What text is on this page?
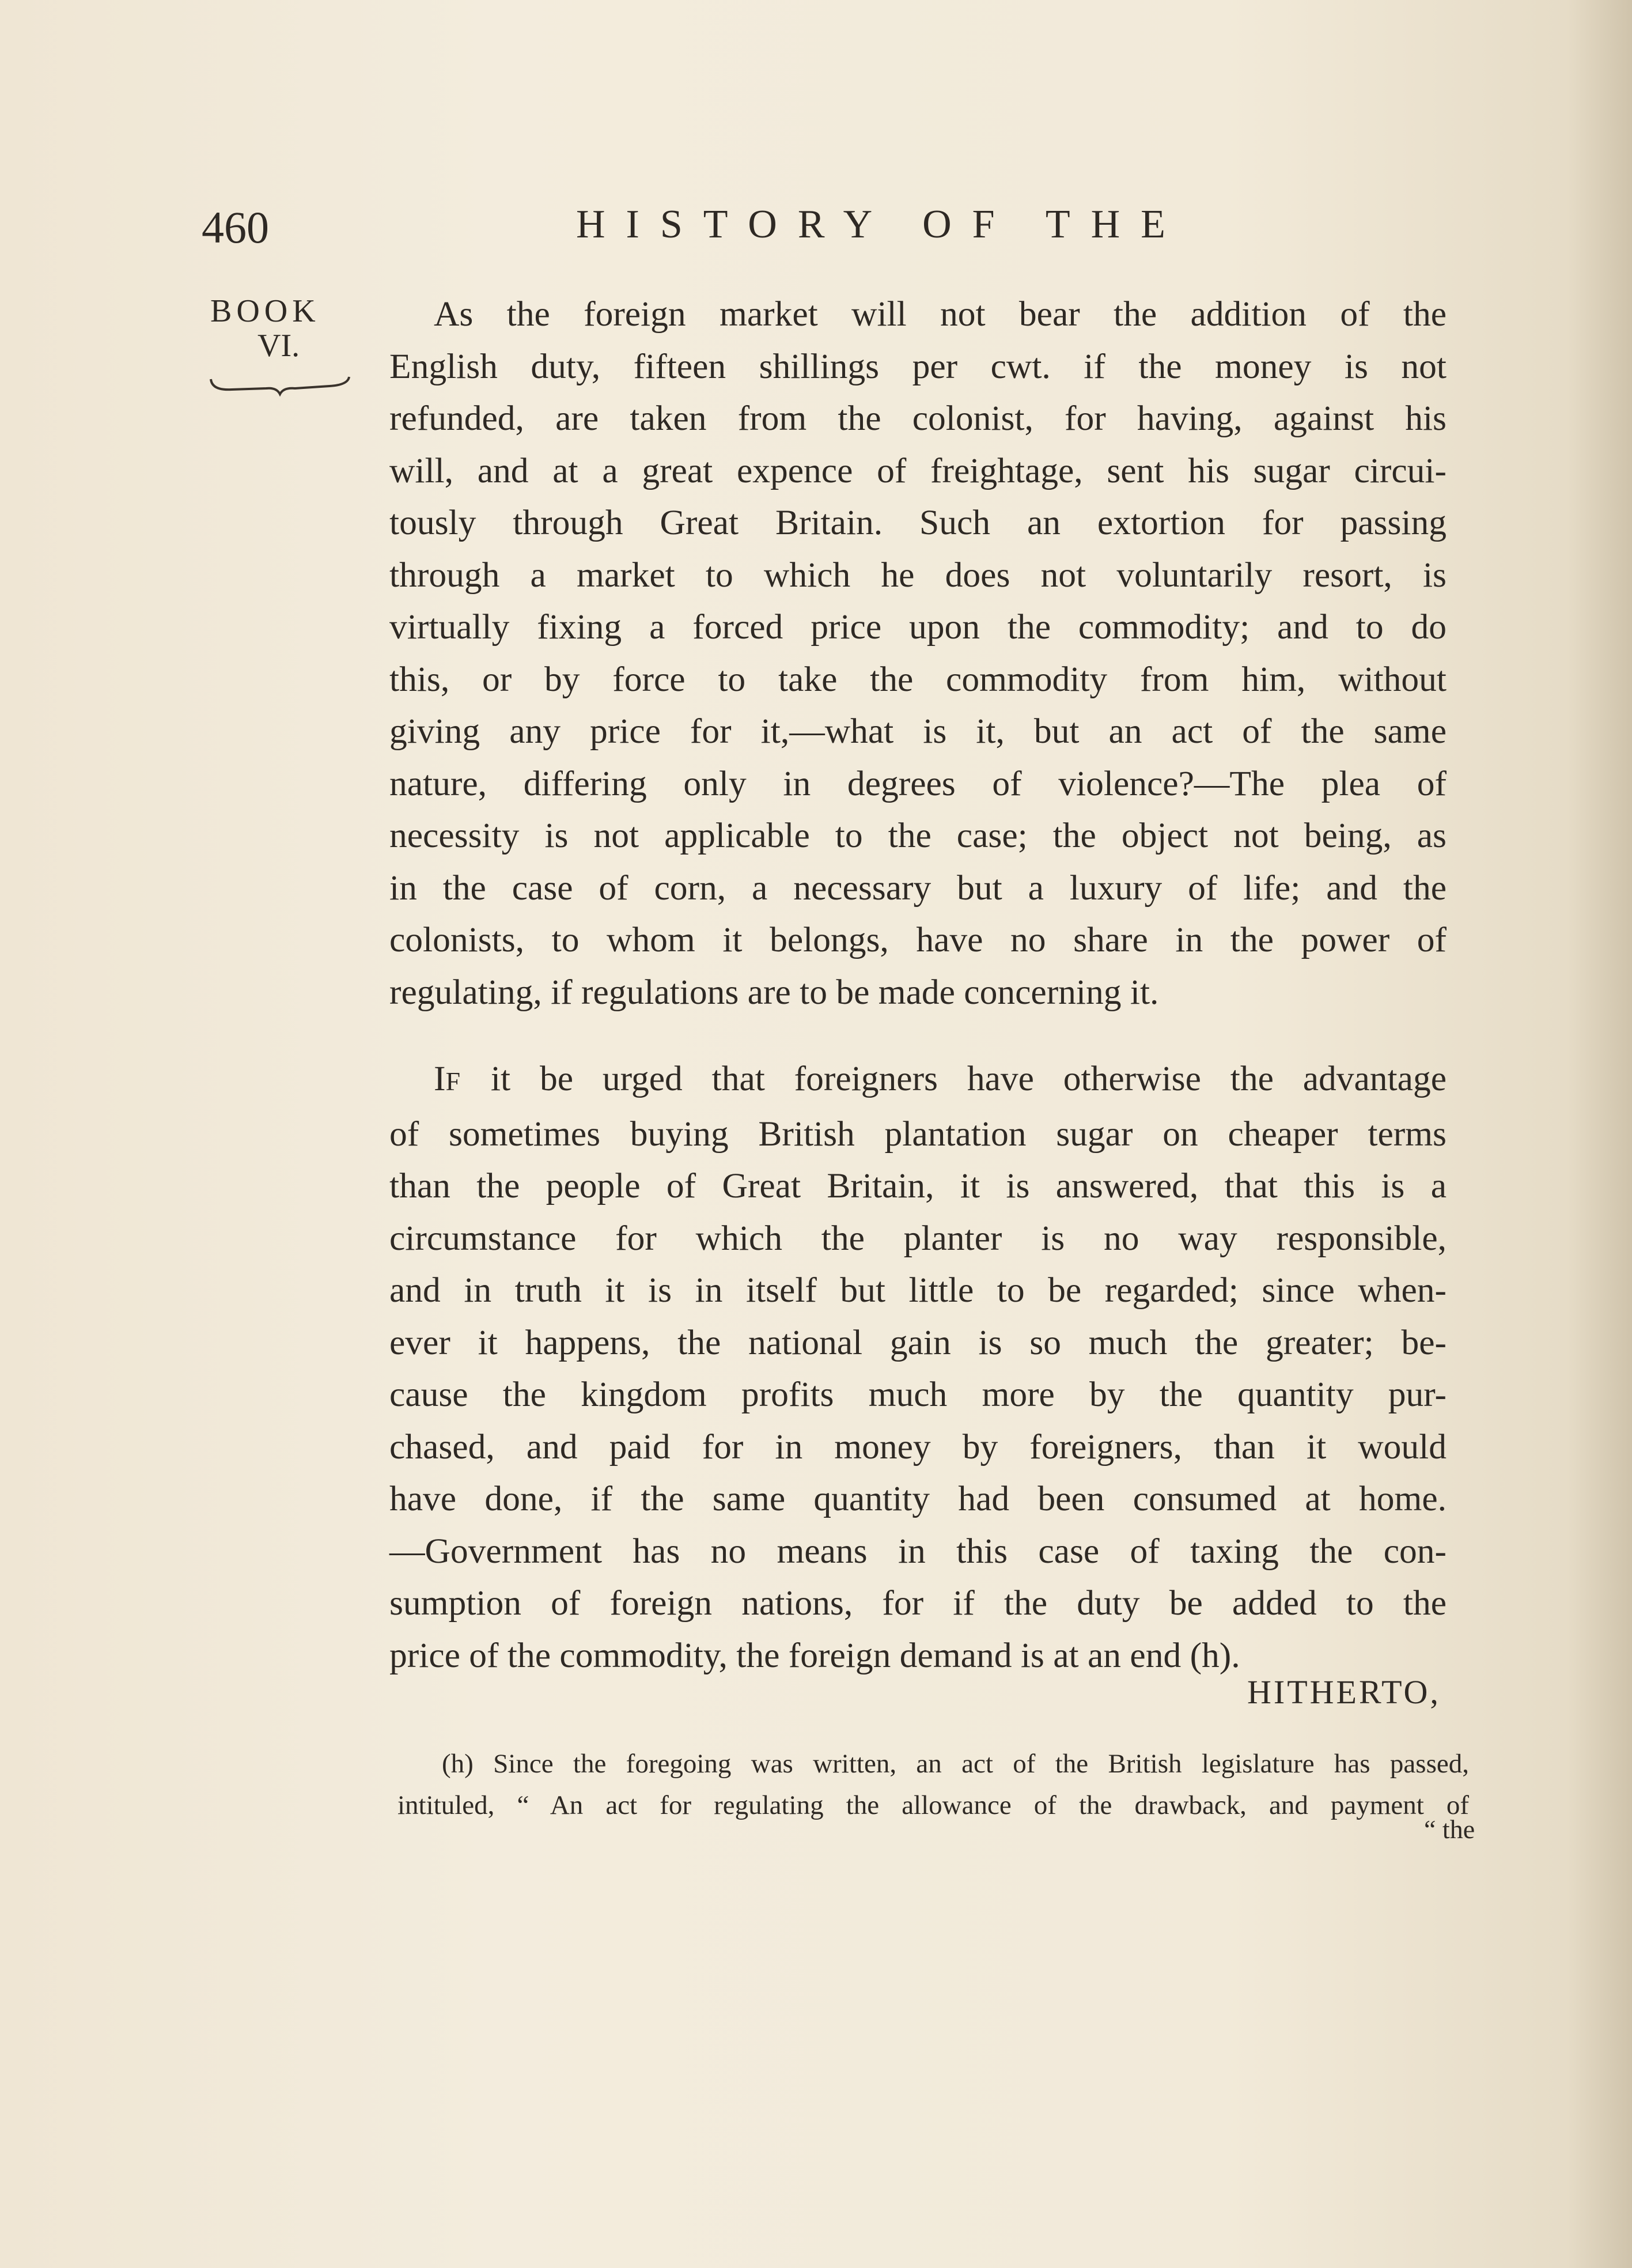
460	HISTORY OF THE
BOOK
VI.
As the foreign market will not bear the addition of the
English duty, fifteen shillings per cwt. if the money is not
refunded, are taken from the colonist, for having, against his
will, and at a great expence of freightage, sent his sugar circui-
tously through Great Britain. Such an extortion for passing
through a market to which he does not voluntarily resort, is
virtually fixing a forced price upon the commodity; and to do
this, or by force to take the commodity from him, without
giving any price for it,—what is it, but an act of the same
nature, differing only in degrees of violence?—The plea of
necessity is not applicable to the case; the object not being, as
in the case of corn, a necessary but a luxury of life; and the
colonists, to whom it belongs, have no share in the power of
regulating, if regulations are to be made concerning it.
IF it be urged that foreigners have otherwise the advantage
of sometimes buying British plantation sugar on cheaper terms
than the people of Great Britain, it is answered, that this is a
circumstance for which the planter is no way responsible,
and in truth it is in itself but little to be regarded; since when-
ever it happens, the national gain is so much the greater; be-
cause the kingdom profits much more by the quantity pur-
chased, and paid for in money by foreigners, than it would
have done, if the same quantity had been consumed at home.
—Government has no means in this case of taxing the con-
sumption of foreign nations, for if the duty be added to the
price of the commodity, the foreign demand is at an end (h).
HITHERTO,
(h) Since the foregoing was written, an act of the British legislature has passed,
intituled, “ An act for regulating the allowance of the drawback, and payment of
“ the
